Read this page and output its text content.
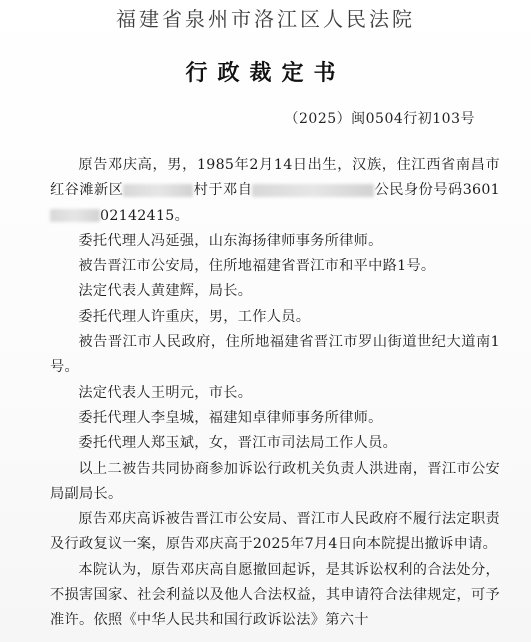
福建省泉州市洛江区人民法院
行政裁定书
（2025）闽0504行初103号

原告邓庆高，男，1985年2月14日出生，汉族，住江西省南昌市红谷滩新区	村于邓自	公民身份号码360102142415。

委托代理人冯延强，山东海扬律师事务所律师。

被告晋江市公安局，住所地福建省晋江市和平中路1号。

法定代表人黄建辉，局长。

委托代理人许重庆，男，工作人员。

被告晋江市人民政府，住所地福建省晋江市罗山街道世纪大道南1号。

法定代表人王明元，市长。

委托代理人李皇城，福建知卓律师事务所律师。

委托代理人郑玉斌，女，晋江市司法局工作人员。

以上二被告共同协商参加诉讼行政机关负责人洪进南，晋江市公安局副局长。

原告邓庆高诉被告晋江市公安局、晋江市人民政府不履行法定职责及行政复议一案，原告邓庆高于2025年7月4日向本院提出撤诉申请。

本院认为，原告邓庆高自愿撤回起诉，是其诉讼权利的合法处分，不损害国家、社会利益以及他人合法权益，其申请符合法律规定，可予准许。依照《中华人民共和国行政诉讼法》第六十
